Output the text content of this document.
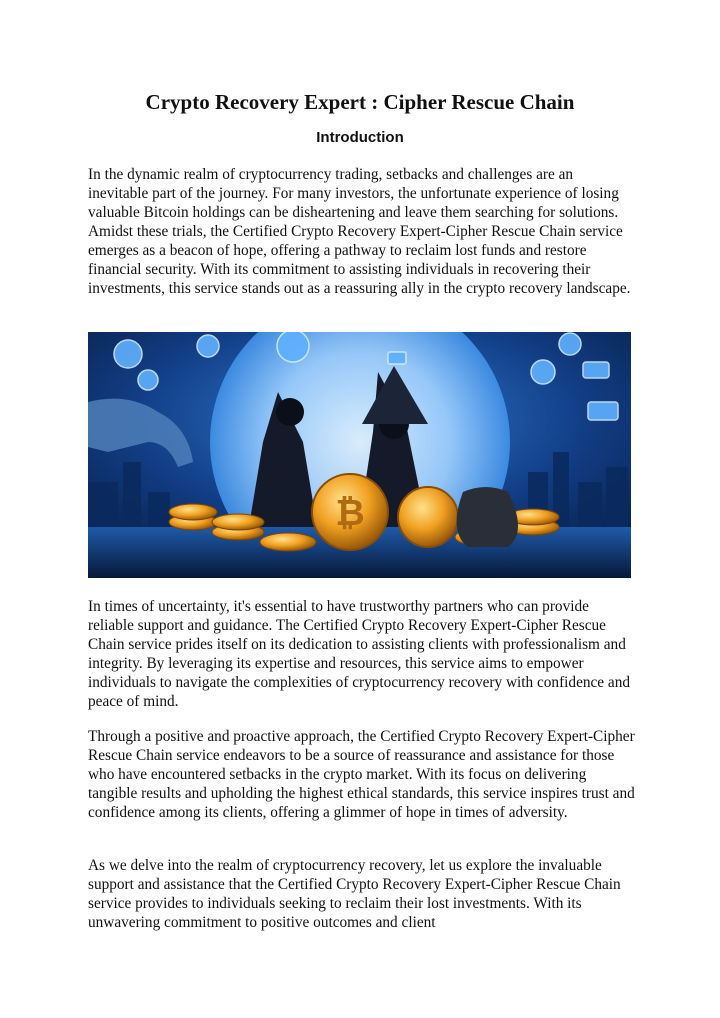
Crypto Recovery Expert : Cipher Rescue Chain
Introduction

In the dynamic realm of cryptocurrency trading, setbacks and challenges are an inevitable part of the journey. For many investors, the unfortunate experience of losing valuable Bitcoin holdings can be disheartening and leave them searching for solutions. Amidst these trials, the Certified Crypto Recovery Expert-Cipher Rescue Chain service emerges as a beacon of hope, offering a pathway to reclaim lost funds and restore financial security. With its commitment to assisting individuals in recovering their investments, this service stands out as a reassuring ally in the crypto recovery landscape.

₿

In times of uncertainty, it's essential to have trustworthy partners who can provide reliable support and guidance. The Certified Crypto Recovery Expert-Cipher Rescue Chain service prides itself on its dedication to assisting clients with professionalism and integrity. By leveraging its expertise and resources, this service aims to empower individuals to navigate the complexities of cryptocurrency recovery with confidence and peace of mind.

Through a positive and proactive approach, the Certified Crypto Recovery Expert-Cipher Rescue Chain service endeavors to be a source of reassurance and assistance for those who have encountered setbacks in the crypto market. With its focus on delivering tangible results and upholding the highest ethical standards, this service inspires trust and confidence among its clients, offering a glimmer of hope in times of adversity.

As we delve into the realm of cryptocurrency recovery, let us explore the invaluable support and assistance that the Certified Crypto Recovery Expert-Cipher Rescue Chain service provides to individuals seeking to reclaim their lost investments. With its unwavering commitment to positive outcomes and client
